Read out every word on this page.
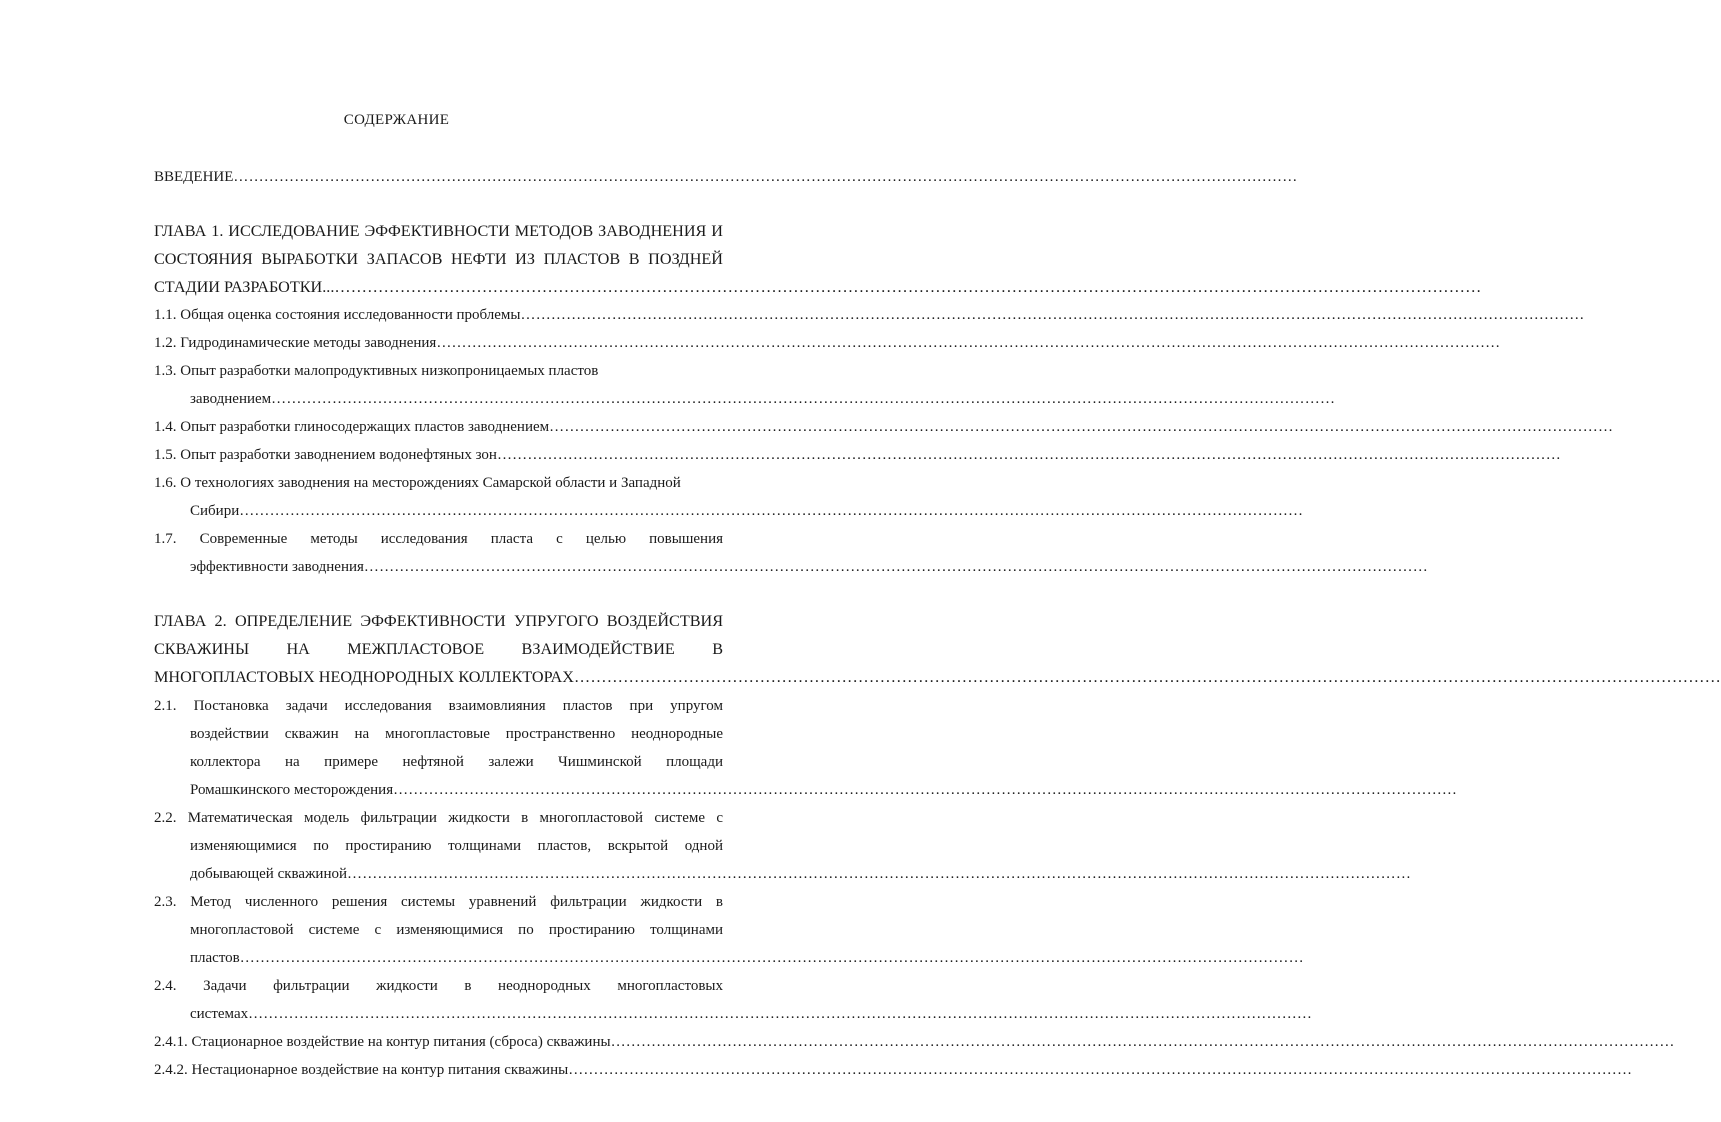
СОДЕРЖАНИЕ
ВВЕДЕНИЕ …………………………………………………………………………………………………………………………………………………………………………………………
ГЛАВА 1. ИССЛЕДОВАНИЕ ЭФФЕКТИВНОСТИ МЕТОДОВ ЗАВОДНЕНИЯ И
СОСТОЯНИЯ ВЫРАБОТКИ ЗАПАСОВ НЕФТИ ИЗ ПЛАСТОВ В ПОЗДНЕЙ
СТАДИИ РАЗРАБОТКИ... …………………………………………………………………………………………………………………………………………………………………………………………
1.1. Общая оценка состояния исследованности проблемы …………………………………………………………………………………………………………………………………………………………………………………………
1.2. Гидродинамические методы заводнения …………………………………………………………………………………………………………………………………………………………………………………………
1.3. Опыт разработки малопродуктивных низкопроницаемых пластов
заводнением …………………………………………………………………………………………………………………………………………………………………………………………
1.4. Опыт разработки глиносодержащих пластов заводнением …………………………………………………………………………………………………………………………………………………………………………………………
1.5. Опыт разработки заводнением водонефтяных зон …………………………………………………………………………………………………………………………………………………………………………………………
1.6. О технологиях заводнения на месторождениях Самарской области и Западной
Сибири …………………………………………………………………………………………………………………………………………………………………………………………
1.7. Современные методы исследования пласта с целью повышения
эффективности заводнения …………………………………………………………………………………………………………………………………………………………………………………………
ГЛАВА 2. ОПРЕДЕЛЕНИЕ ЭФФЕКТИВНОСТИ УПРУГОГО ВОЗДЕЙСТВИЯ
СКВАЖИНЫ НА МЕЖПЛАСТОВОЕ ВЗАИМОДЕЙСТВИЕ В
МНОГОПЛАСТОВЫХ НЕОДНОРОДНЫХ КОЛЛЕКТОРАХ …………………………………………………………………………………………………………………………………………………………………………………………
2.1. Постановка задачи исследования взаимовлияния пластов при упругом
воздействии скважин на многопластовые пространственно неоднородные
коллектора на примере нефтяной залежи Чишминской площади
Ромашкинского месторождения …………………………………………………………………………………………………………………………………………………………………………………………
2.2. Математическая модель фильтрации жидкости в многопластовой системе с
изменяющимися по простиранию толщинами пластов, вскрытой одной
добывающей скважиной …………………………………………………………………………………………………………………………………………………………………………………………
2.3. Метод численного решения системы уравнений фильтрации жидкости в
многопластовой системе с изменяющимися по простиранию толщинами
пластов …………………………………………………………………………………………………………………………………………………………………………………………
2.4. Задачи фильтрации жидкости в неоднородных многопластовых
системах …………………………………………………………………………………………………………………………………………………………………………………………
2.4.1. Стационарное воздействие на контур питания (сброса) скважины …………………………………………………………………………………………………………………………………………………………………………………………
2.4.2. Нестационарное воздействие на контур питания скважины …………………………………………………………………………………………………………………………………………………………………………………………
